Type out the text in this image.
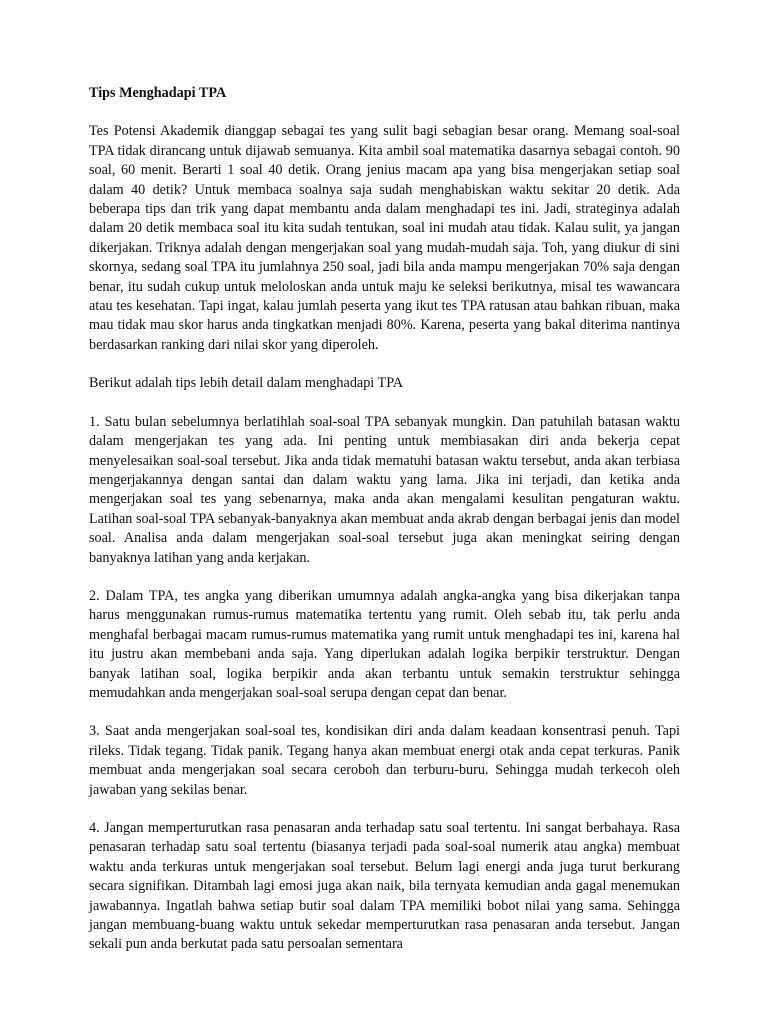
Tips Menghadapi TPA

Tes Potensi Akademik dianggap sebagai tes yang sulit bagi sebagian besar orang. Memang soal-soal TPA tidak dirancang untuk dijawab semuanya. Kita ambil soal matematika dasarnya sebagai contoh. 90 soal, 60 menit. Berarti 1 soal 40 detik. Orang jenius macam apa yang bisa mengerjakan setiap soal dalam 40 detik? Untuk membaca soalnya saja sudah menghabiskan waktu sekitar 20 detik. Ada beberapa tips dan trik yang dapat membantu anda dalam menghadapi tes ini. Jadi, strateginya adalah dalam 20 detik membaca soal itu kita sudah tentukan, soal ini mudah atau tidak. Kalau sulit, ya jangan dikerjakan. Triknya adalah dengan mengerjakan soal yang mudah-mudah saja. Toh, yang diukur di sini skornya, sedang soal TPA itu jumlahnya 250 soal, jadi bila anda mampu mengerjakan 70% saja dengan benar, itu sudah cukup untuk meloloskan anda untuk maju ke seleksi berikutnya, misal tes wawancara atau tes kesehatan. Tapi ingat, kalau jumlah peserta yang ikut tes TPA ratusan atau bahkan ribuan, maka mau tidak mau skor harus anda tingkatkan menjadi 80%. Karena, peserta yang bakal diterima nantinya berdasarkan ranking dari nilai skor yang diperoleh.

Berikut adalah tips lebih detail dalam menghadapi TPA

1. Satu bulan sebelumnya berlatihlah soal-soal TPA sebanyak mungkin. Dan patuhilah batasan waktu dalam mengerjakan tes yang ada. Ini penting untuk membiasakan diri anda bekerja cepat menyelesaikan soal-soal tersebut. Jika anda tidak mematuhi batasan waktu tersebut, anda akan terbiasa mengerjakannya dengan santai dan dalam waktu yang lama. Jika ini terjadi, dan ketika anda mengerjakan soal tes yang sebenarnya, maka anda akan mengalami kesulitan pengaturan waktu. Latihan soal-soal TPA sebanyak-banyaknya akan membuat anda akrab dengan berbagai jenis dan model soal. Analisa anda dalam mengerjakan soal-soal tersebut juga akan meningkat seiring dengan banyaknya latihan yang anda kerjakan.

2. Dalam TPA, tes angka yang diberikan umumnya adalah angka-angka yang bisa dikerjakan tanpa harus menggunakan rumus-rumus matematika tertentu yang rumit. Oleh sebab itu, tak perlu anda menghafal berbagai macam rumus-rumus matematika yang rumit untuk menghadapi tes ini, karena hal itu justru akan membebani anda saja. Yang diperlukan adalah logika berpikir terstruktur. Dengan banyak latihan soal, logika berpikir anda akan terbantu untuk semakin terstruktur sehingga memudahkan anda mengerjakan soal-soal serupa dengan cepat dan benar.

3. Saat anda mengerjakan soal-soal tes, kondisikan diri anda dalam keadaan konsentrasi penuh. Tapi rileks. Tidak tegang. Tidak panik. Tegang hanya akan membuat energi otak anda cepat terkuras. Panik membuat anda mengerjakan soal secara ceroboh dan terburu-buru. Sehingga mudah terkecoh oleh jawaban yang sekilas benar.

4. Jangan memperturutkan rasa penasaran anda terhadap satu soal tertentu. Ini sangat berbahaya. Rasa penasaran terhadap satu soal tertentu (biasanya terjadi pada soal-soal numerik atau angka) membuat waktu anda terkuras untuk mengerjakan soal tersebut. Belum lagi energi anda juga turut berkurang secara signifikan. Ditambah lagi emosi juga akan naik, bila ternyata kemudian anda gagal menemukan jawabannya. Ingatlah bahwa setiap butir soal dalam TPA memiliki bobot nilai yang sama. Sehingga jangan membuang-buang waktu untuk sekedar memperturutkan rasa penasaran anda tersebut. Jangan sekali pun anda berkutat pada satu persoalan sementara
